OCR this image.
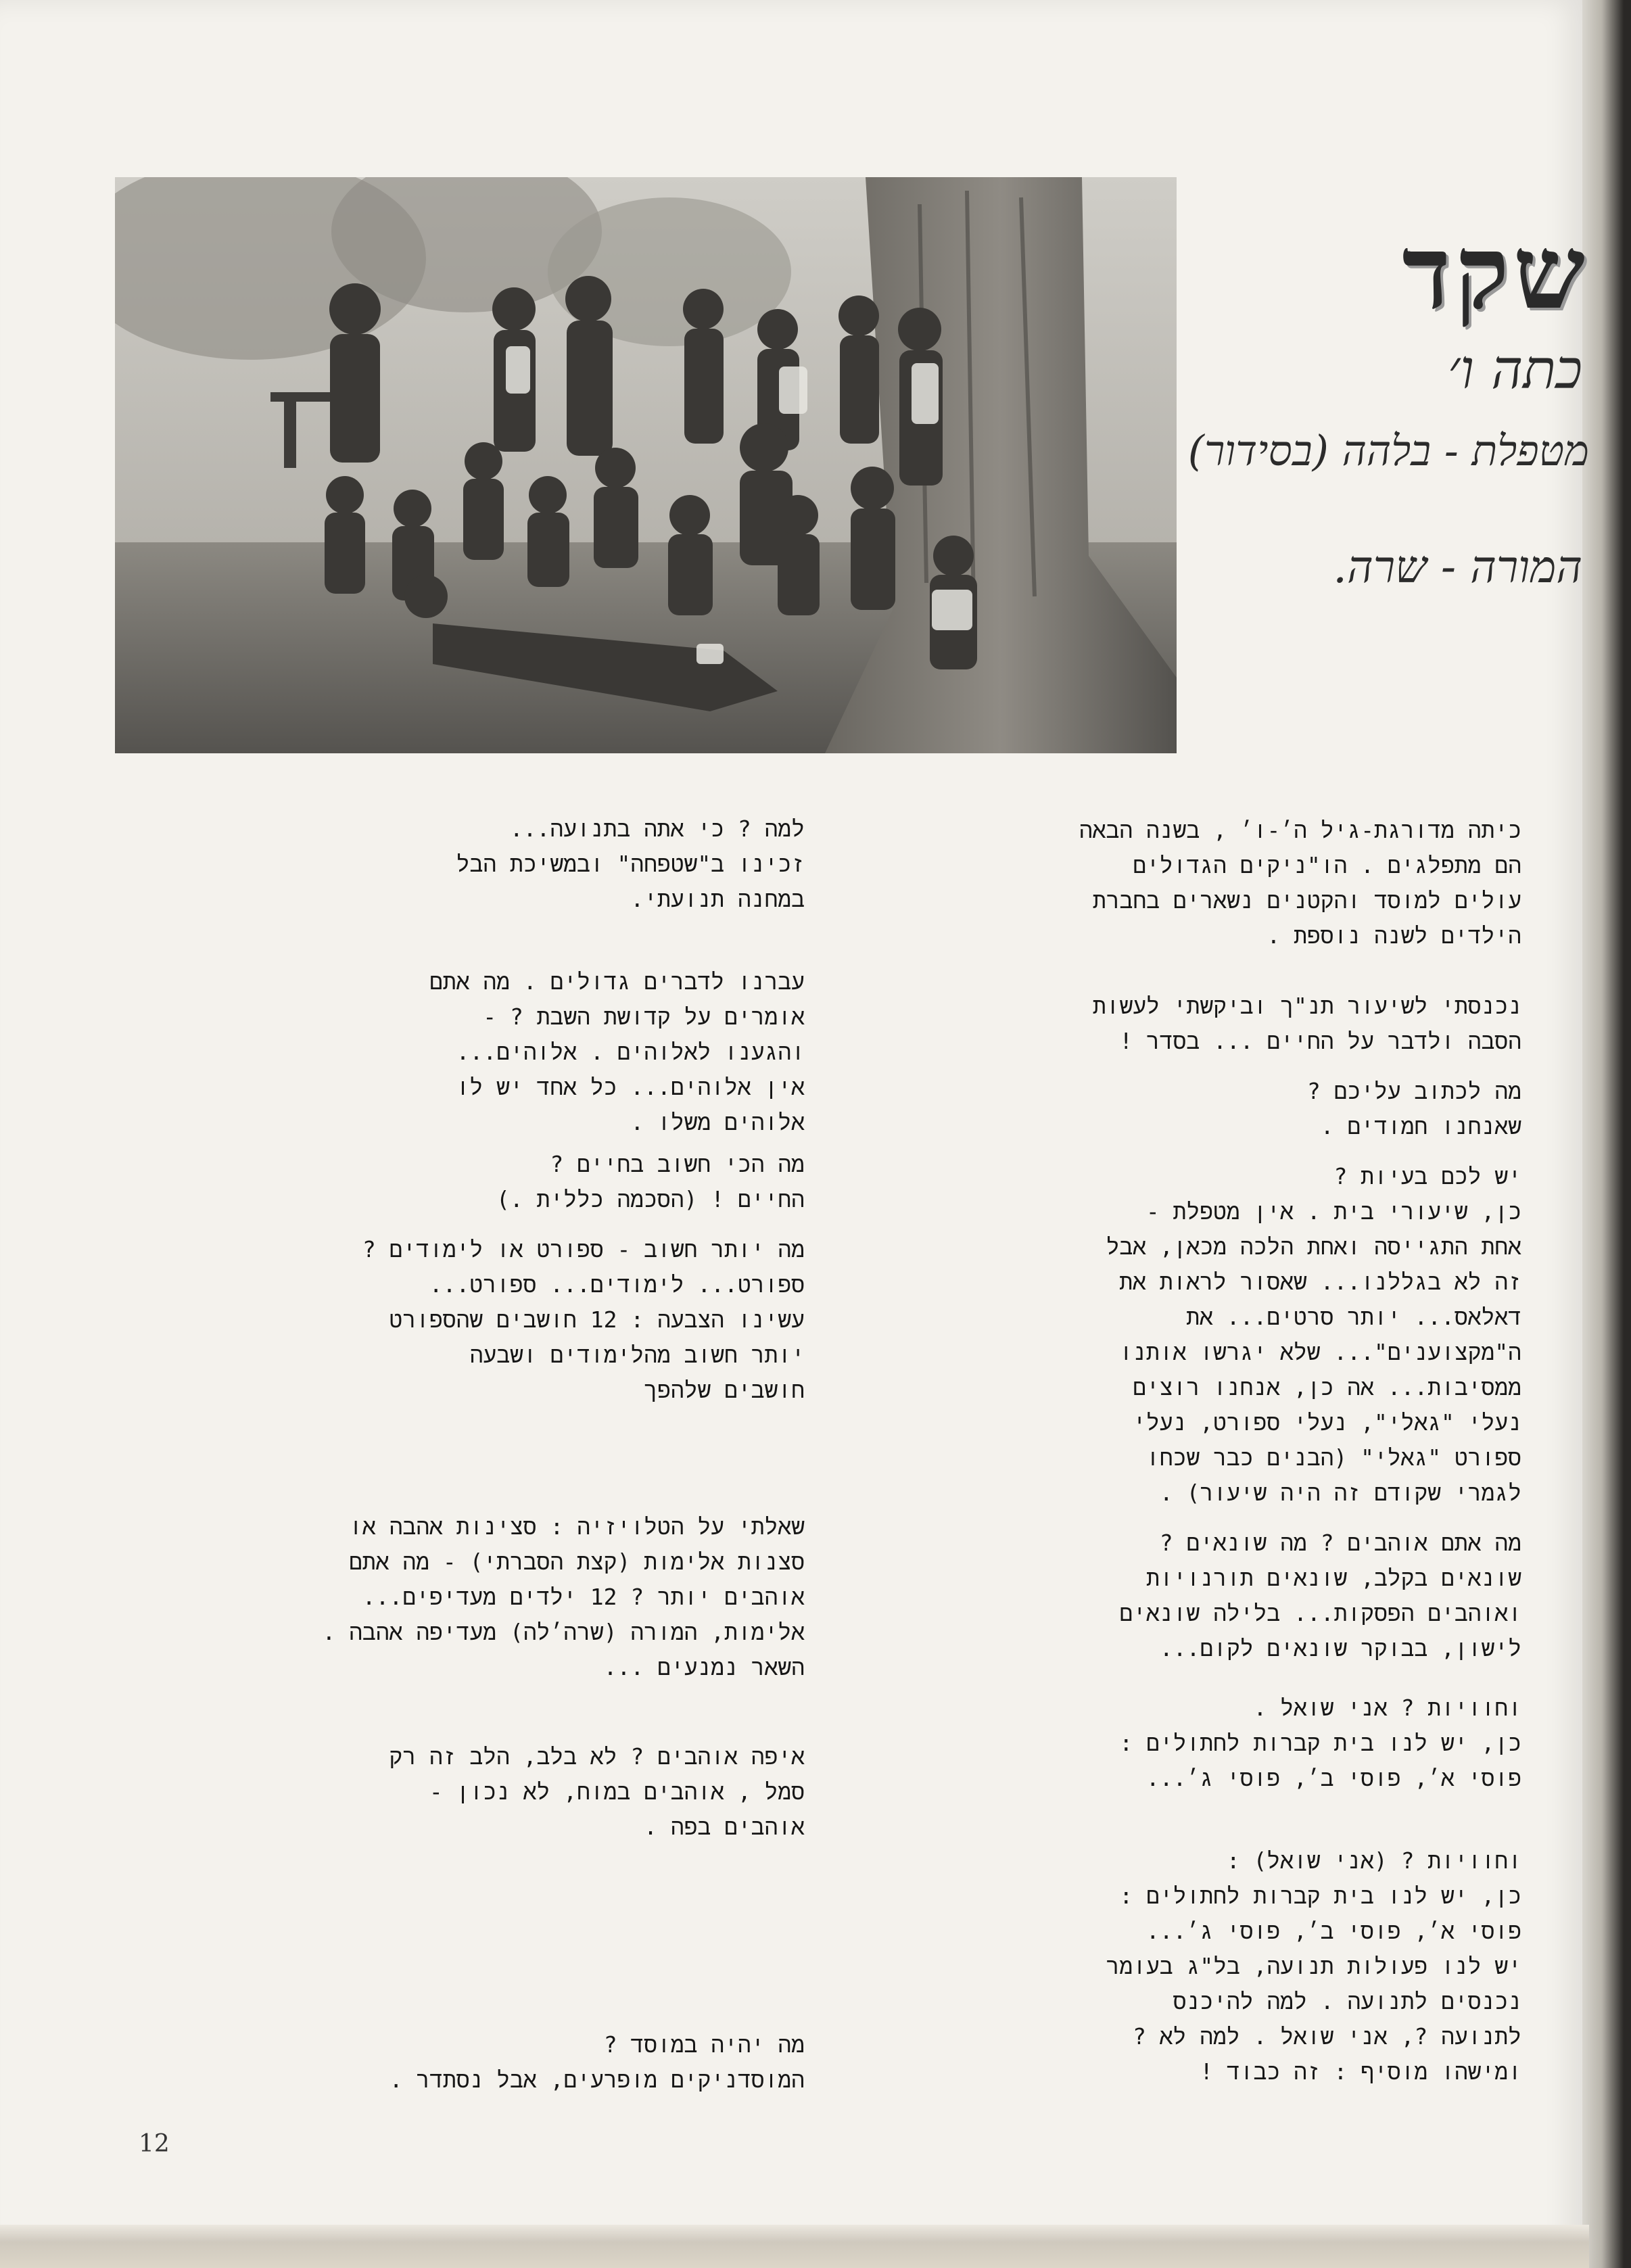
שקד
כתה ו׳
מטפלת - בלהה (בסידור)
המורה - שרה.

כיתה מדורגת-גיל ה׳-ו׳ , בשנה הבאה
הם מתפלגים . הו"ניקים הגדולים
עולים למוסד והקטנים נשארים בחברת
הילדים לשנה נוספת .

נכנסתי לשיעור תנ"ך וביקשתי לעשות
הסבה ולדבר על החיים ... בסדר !

מה לכתוב עליכם ?
שאנחנו חמודים .

יש לכם בעיות ?
כן, שיעורי בית . אין מטפלת -
אחת התגייסה ואחת הלכה מכאן, אבל
זה לא בגללנו... שאסור לראות את
דאלאס... יותר סרטים... את
ה"מקצוענים"... שלא יגרשו אותנו
ממסיבות... אה כן, אנחנו רוצים
נעלי "גאלי", נעלי ספורט, נעלי
ספורט "גאלי" (הבנים כבר שכחו
לגמרי שקודם זה היה שיעור) .

מה אתם אוהבים ? מה שונאים ?
שונאים בקלב, שונאים תורנויות
ואוהבים הפסקות... בלילה שונאים
לישון, בבוקר שונאים לקום...

וחוויות ? אני שואל .
כן, יש לנו בית קברות לחתולים :
פוסי א׳, פוסי ב׳, פוסי ג׳...

וחוויות ? (אני שואל) :
כן, יש לנו בית קברות לחתולים :
פוסי א׳, פוסי ב׳, פוסי ג׳...
יש לנו פעולות תנועה, בל"ג בעומר
נכנסים לתנועה . למה להיכנס
לתנועה ?, אני שואל . למה לא ?
ומישהו מוסיף : זה כבוד !

למה ? כי אתה בתנועה...
זכינו ב"שטפחה" ובמשיכת הבל
במחנה תנועתי.

עברנו לדברים גדולים . מה אתם
אומרים על קדושת השבת ? -
והגענו לאלוהים . אלוהים...
אין אלוהים... כל אחד יש לו
אלוהים משלו .

מה הכי חשוב בחיים ?
החיים ! (הסכמה כללית .)

מה יותר חשוב - ספורט או לימודים ?
ספורט... לימודים... ספורט...
עשינו הצבעה : 12 חושבים שהספורט
יותר חשוב מהלימודים ושבעה
חושבים שלהפך

שאלתי על הטלויזיה : סצינות אהבה או
סצנות אלימות (קצת הסברתי) - מה אתם
אוהבים יותר ? 12 ילדים מעדיפים...
אלימות, המורה (שרה׳לה) מעדיפה אהבה .
השאר נמנעים ...

איפה אוהבים ? לא בלב, הלב זה רק
סמל , אוהבים במוח, לא נכון -
אוהבים בפה .

מה יהיה במוסד ?
המוסדניקים מופרעים, אבל נסתדר .

12
